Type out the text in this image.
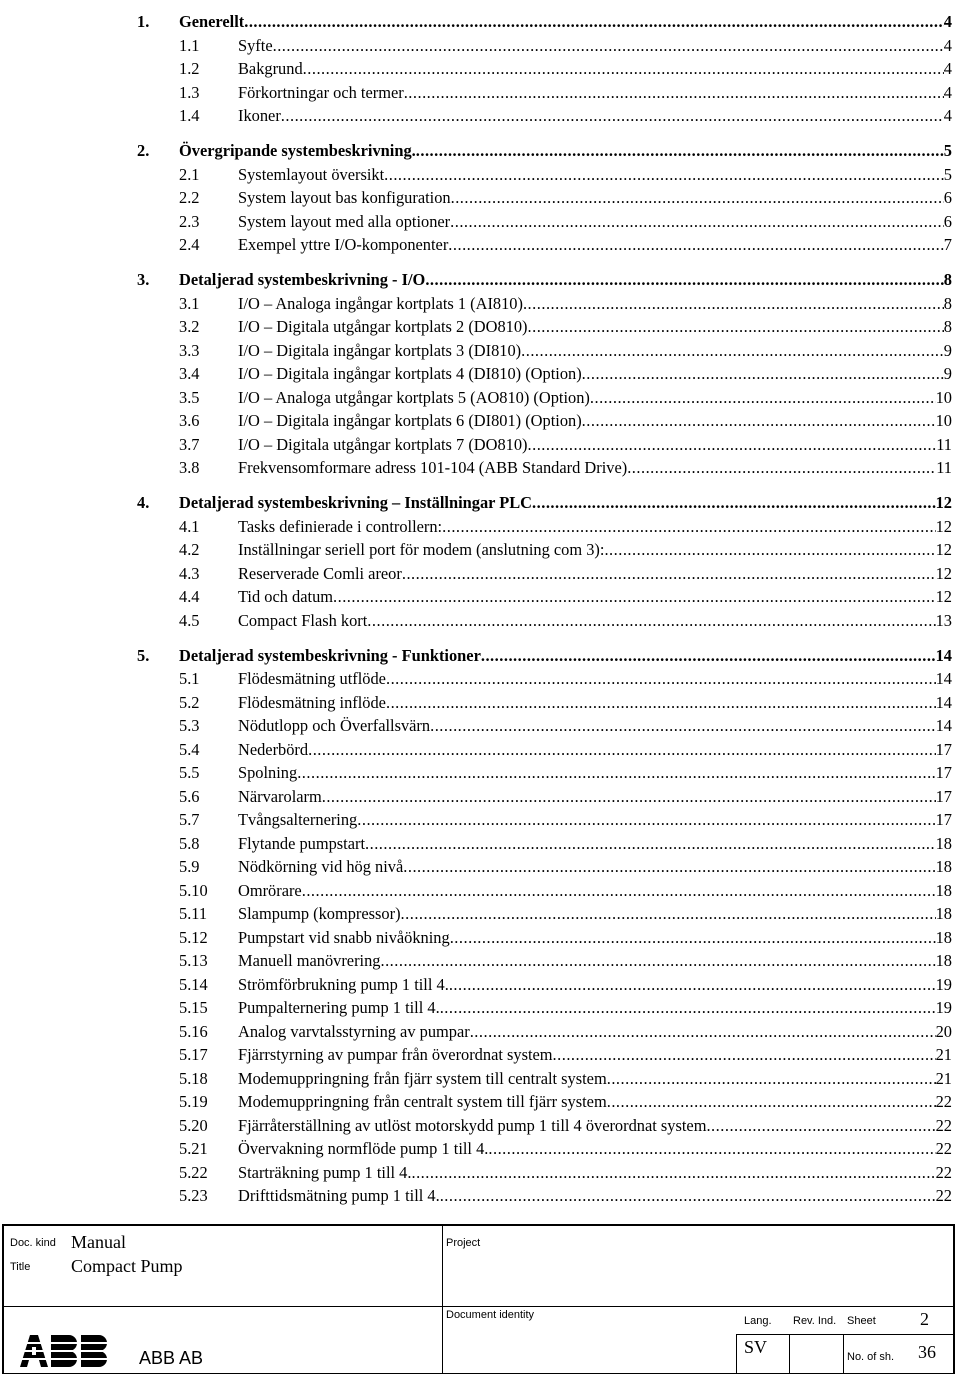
1. Generellt .....	4
1.1 Syfte .....	4
1.2 Bakgrund .....	4
1.3 Förkortningar och termer .....	4
1.4 Ikoner .....	4
2. Övergripande systembeskrivning. .....	5
2.1 Systemlayout översikt .....	5
2.2 System layout bas konfiguration .....	6
2.3 System layout med alla optioner .....	6
2.4 Exempel yttre I/O-komponenter .....	7
3. Detaljerad systembeskrivning - I/O .....	8
3.1 I/O – Analoga ingångar kortplats 1 (AI810) .....	8
3.2 I/O – Digitala utgångar kortplats 2 (DO810) .....	8
3.3 I/O – Digitala ingångar kortplats 3 (DI810) .....	9
3.4 I/O – Digitala ingångar kortplats 4 (DI810) (Option) .....	9
3.5 I/O – Analoga utgångar kortplats 5 (AO810) (Option) .....	10
3.6 I/O – Digitala ingångar kortplats 6 (DI801) (Option) .....	10
3.7 I/O – Digitala utgångar kortplats 7 (DO810) .....	11
3.8 Frekvensomformare adress 101-104 (ABB Standard Drive) .....	11
4. Detaljerad systembeskrivning – Inställningar PLC .....	12
4.1 Tasks definierade i controllern: .....	12
4.2 Inställningar seriell port för modem (anslutning com 3): .....	12
4.3 Reserverade Comli areor .....	12
4.4 Tid och datum .....	12
4.5 Compact Flash kort .....	13
5. Detaljerad systembeskrivning - Funktioner .....	14
5.1 Flödesmätning utflöde .....	14
5.2 Flödesmätning inflöde .....	14
5.3 Nödutlopp och Överfallsvärn .....	14
5.4 Nederbörd .....	17
5.5 Spolning .....	17
5.6 Närvarolarm .....	17
5.7 Tvångsalternering .....	17
5.8 Flytande pumpstart .....	18
5.9 Nödkörning vid hög nivå .....	18
5.10 Omrörare .....	18
5.11 Slampump (kompressor) .....	18
5.12 Pumpstart vid snabb nivåökning .....	18
5.13 Manuell manövrering .....	18
5.14 Strömförbrukning pump 1 till 4. .....	19
5.15 Pumpalternering pump 1 till 4. .....	19
5.16 Analog varvtalsstyrning av pumpar .....	20
5.17 Fjärrstyrning av pumpar från överordnat system .....	21
5.18 Modemuppringning från fjärr system till centralt system .....	21
5.19 Modemuppringning från centralt system till fjärr system .....	22
5.20 Fjärråterställning av utlöst motorskydd pump 1 till 4 överordnat system .....	22
5.21 Övervakning normflöde pump 1 till 4. .....	22
5.22 Starträkning pump 1 till 4. .....	22
5.23 Drifttidsmätning pump 1 till 4. .....	22
Doc. kind Manual
Title Compact Pump
Project
Document identity
ABB AB
Lang.
SV
Rev. Ind. Sheet 2
No. of sh. 36
